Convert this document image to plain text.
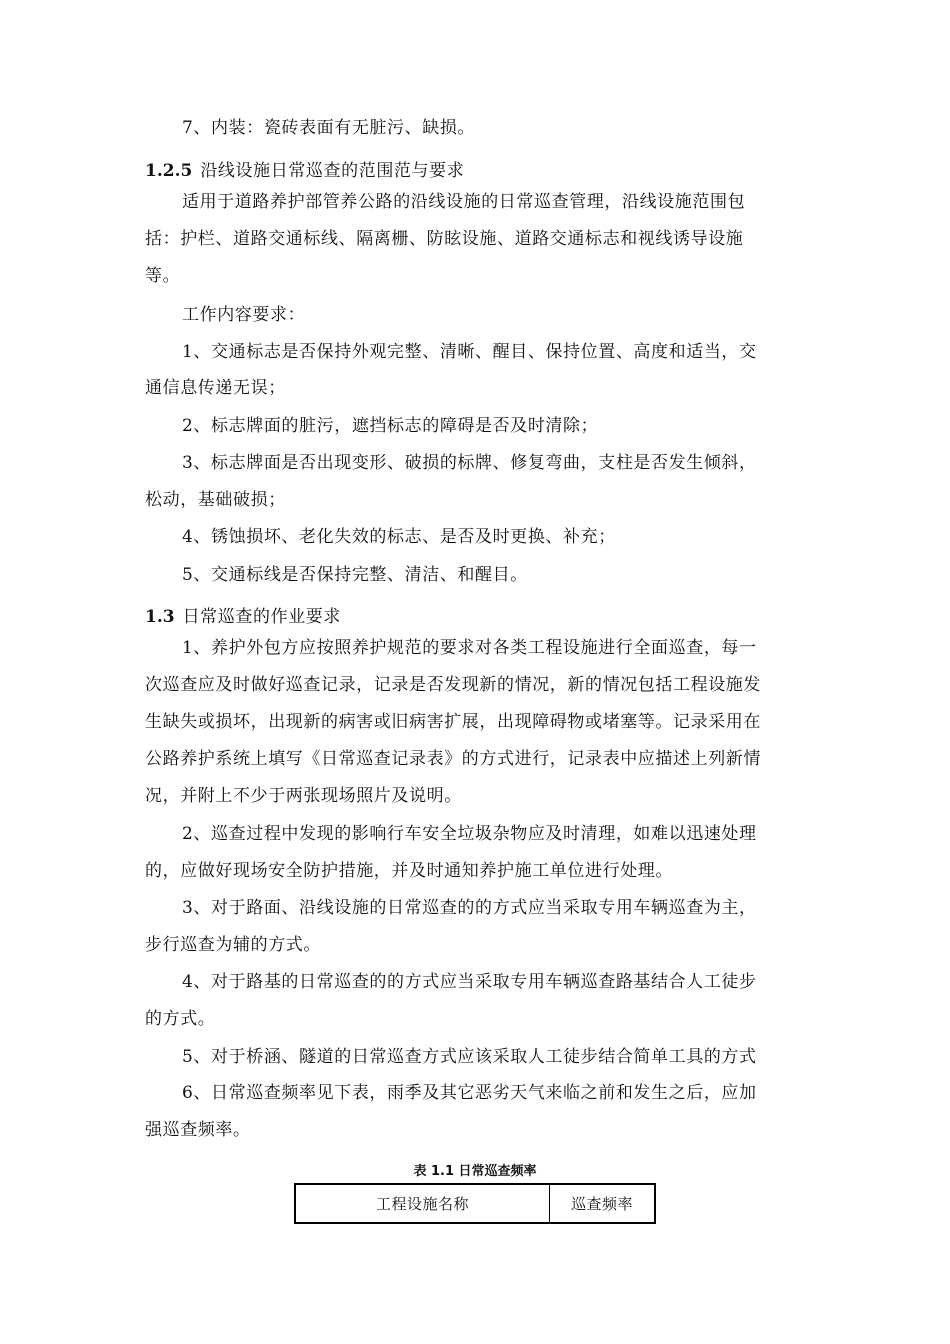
7、内装：瓷砖表面有无脏污、缺损。
1.2.5 沿线设施日常巡查的范围范与要求
适用于道路养护部管养公路的沿线设施的日常巡查管理，沿线设施范围包
括：护栏、道路交通标线、隔离栅、防眩设施、道路交通标志和视线诱导设施
等。
工作内容要求：
1、交通标志是否保持外观完整、清晰、醒目、保持位置、高度和适当，交
通信息传递无误；
2、标志牌面的脏污，遮挡标志的障碍是否及时清除；
3、标志牌面是否出现变形、破损的标牌、修复弯曲，支柱是否发生倾斜，
松动，基础破损；
4、锈蚀损坏、老化失效的标志、是否及时更换、补充；
5、交通标线是否保持完整、清洁、和醒目。
1.3 日常巡查的作业要求
1、养护外包方应按照养护规范的要求对各类工程设施进行全面巡查，每一
次巡查应及时做好巡查记录，记录是否发现新的情况，新的情况包括工程设施发
生缺失或损坏，出现新的病害或旧病害扩展，出现障碍物或堵塞等。记录采用在
公路养护系统上填写《日常巡查记录表》的方式进行，记录表中应描述上列新情
况，并附上不少于两张现场照片及说明。
2、巡查过程中发现的影响行车安全垃圾杂物应及时清理，如难以迅速处理
的，应做好现场安全防护措施，并及时通知养护施工单位进行处理。
3、对于路面、沿线设施的日常巡查的的方式应当采取专用车辆巡查为主，
步行巡查为辅的方式。
4、对于路基的日常巡查的的方式应当采取专用车辆巡查路基结合人工徒步
的方式。
5、对于桥涵、隧道的日常巡查方式应该采取人工徒步结合简单工具的方式
6、日常巡查频率见下表，雨季及其它恶劣天气来临之前和发生之后，应加
强巡查频率。
表 1.1 日常巡查频率
工程设施名称	巡查频率
